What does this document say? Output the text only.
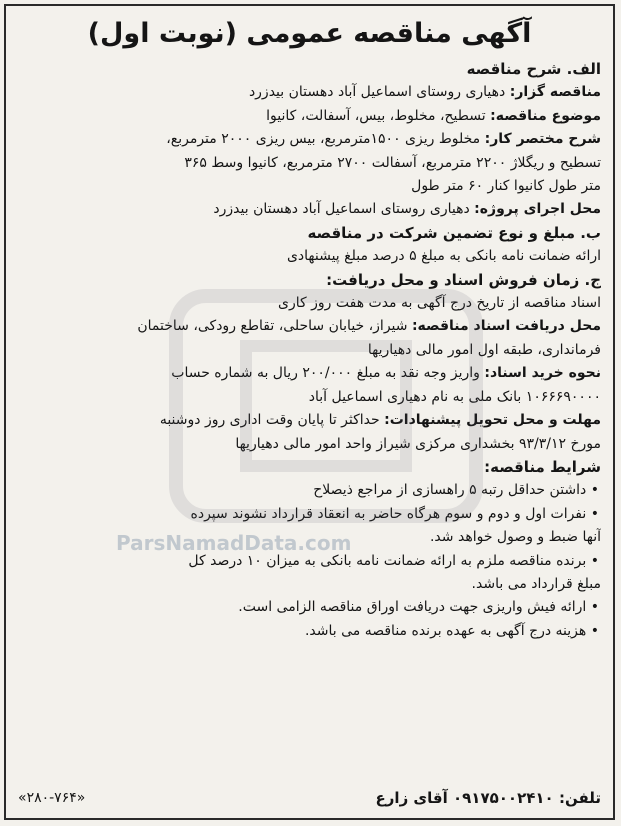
ParsNamadData.com
آگهی مناقصه عمومی (نوبت اول)
الف. شرح مناقصه
مناقصه گزار: دهیاری روستای اسماعیل آباد دهستان بیدزرد
موضوع مناقصه: تسطیح، مخلوط، بیس، آسفالت، کانیوا
شرح مختصر کار: مخلوط ریزی ۱۵۰۰مترمربع، بیس ریزی ۲۰۰۰ مترمربع،
تسطیح و ریگلاژ ۲۲۰۰ مترمربع، آسفالت ۲۷۰۰ مترمربع، کانیوا وسط ۳۶۵
متر طول کانیوا کنار ۶۰ متر طول
محل اجرای پروژه: دهیاری روستای اسماعیل آباد دهستان بیدزرد
ب. مبلغ و نوع تضمین شرکت در مناقصه
ارائه ضمانت نامه بانکی به مبلغ ۵ درصد مبلغ پیشنهادی
ج. زمان فروش اسناد و محل دریافت:
اسناد مناقصه از تاریخ درج آگهی به مدت هفت روز کاری
محل دریافت اسناد مناقصه: شیراز، خیابان ساحلی، تقاطع رودکی، ساختمان
فرمانداری، طبقه اول امور مالی دهیاریها
نحوه خرید اسناد: واریز وجه نقد به مبلغ ۲۰۰/۰۰۰ ریال به شماره حساب
۱۰۶۶۶۹۰۰۰۰ بانک ملی به نام دهیاری اسماعیل آباد
مهلت و محل تحویل پیشنهادات: حداکثر تا پایان وقت اداری روز دوشنبه
مورخ ۹۳/۳/۱۲ بخشداری مرکزی شیراز واحد امور مالی دهیاریها
شرایط مناقصه:
• داشتن حداقل رتبه ۵ راهسازی از مراجع ذیصلاح
• نفرات اول و دوم و سوم هرگاه حاضر به انعقاد قرارداد نشوند سپرده
آنها ضبط و وصول خواهد شد.
• برنده مناقصه ملزم به ارائه ضمانت نامه بانکی به میزان ۱۰ درصد کل
مبلغ قرارداد می باشد.
• ارائه فیش واریزی جهت دریافت اوراق مناقصه الزامی است.
• هزینه درج آگهی به عهده برنده مناقصه می باشد.
تلفن: ۰۹۱۷۵۰۰۲۴۱۰ آقای زارع
«۲۸۰-۷۶۴»
